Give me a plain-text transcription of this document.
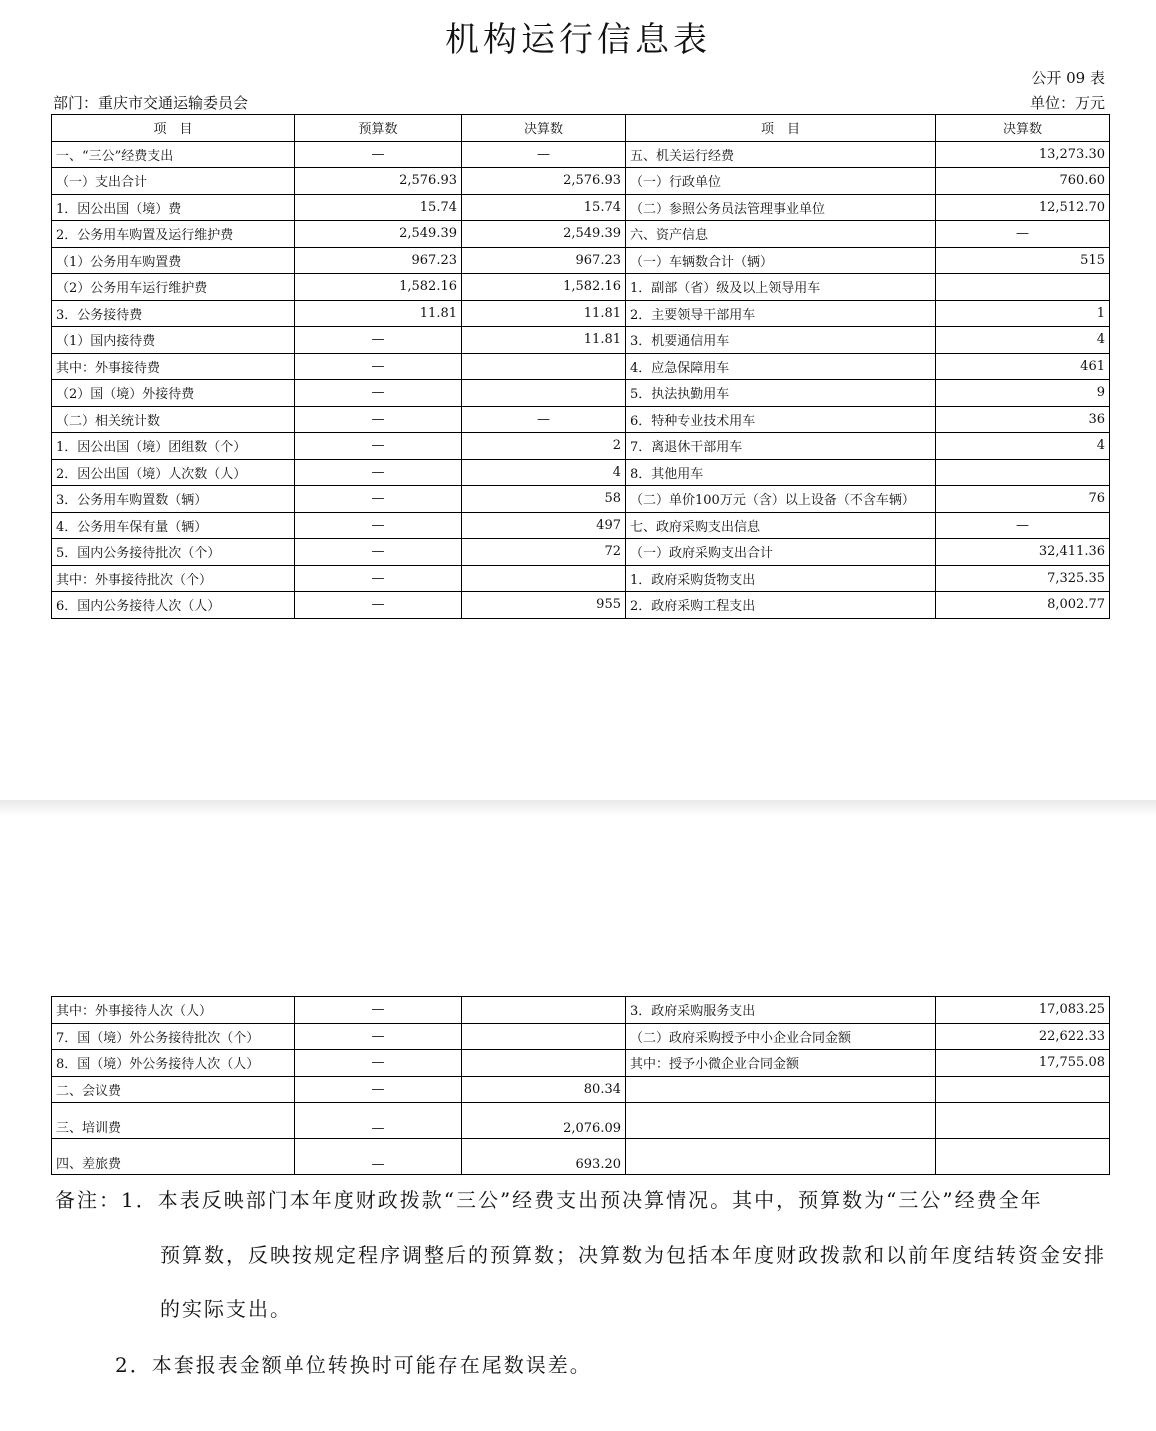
机构运行信息表
公开 09 表
部门：重庆市交通运输委员会	单位：万元
项　目	预算数	决算数	项　目	决算数
一、“三公”经费支出	—	—	五、机关运行经费	13,273.30
（一）支出合计	2,576.93	2,576.93	（一）行政单位	760.60
1．因公出国（境）费	15.74	15.74	（二）参照公务员法管理事业单位	12,512.70
2．公务用车购置及运行维护费	2,549.39	2,549.39	六、资产信息	—
（1）公务用车购置费	967.23	967.23	（一）车辆数合计（辆）	515
（2）公务用车运行维护费	1,582.16	1,582.16	1．副部（省）级及以上领导用车	
3．公务接待费	11.81	11.81	2．主要领导干部用车	1
（1）国内接待费	—	11.81	3．机要通信用车	4
其中：外事接待费	—		4．应急保障用车	461
（2）国（境）外接待费	—		5．执法执勤用车	9
（二）相关统计数	—	—	6．特种专业技术用车	36
1．因公出国（境）团组数（个）	—	2	7．离退休干部用车	4
2．因公出国（境）人次数（人）	—	4	8．其他用车	
3．公务用车购置数（辆）	—	58	（二）单价100万元（含）以上设备（不含车辆）	76
4．公务用车保有量（辆）	—	497	七、政府采购支出信息	—
5．国内公务接待批次（个）	—	72	（一）政府采购支出合计	32,411.36
其中：外事接待批次（个）	—		1．政府采购货物支出	7,325.35
6．国内公务接待人次（人）	—	955	2．政府采购工程支出	8,002.77
其中：外事接待人次（人）	—		3．政府采购服务支出	17,083.25
7．国（境）外公务接待批次（个）	—		（二）政府采购授予中小企业合同金额	22,622.33
8．国（境）外公务接待人次（人）	—		其中：授予小微企业合同金额	17,755.08
二、会议费	—	80.34		
三、培训费	—	2,076.09		
四、差旅费	—	693.20		
备注：1．本表反映部门本年度财政拨款“三公”经费支出预决算情况。其中，预算数为“三公”经费全年
预算数，反映按规定程序调整后的预算数；决算数为包括本年度财政拨款和以前年度结转资金安排
的实际支出。
2．本套报表金额单位转换时可能存在尾数误差。
